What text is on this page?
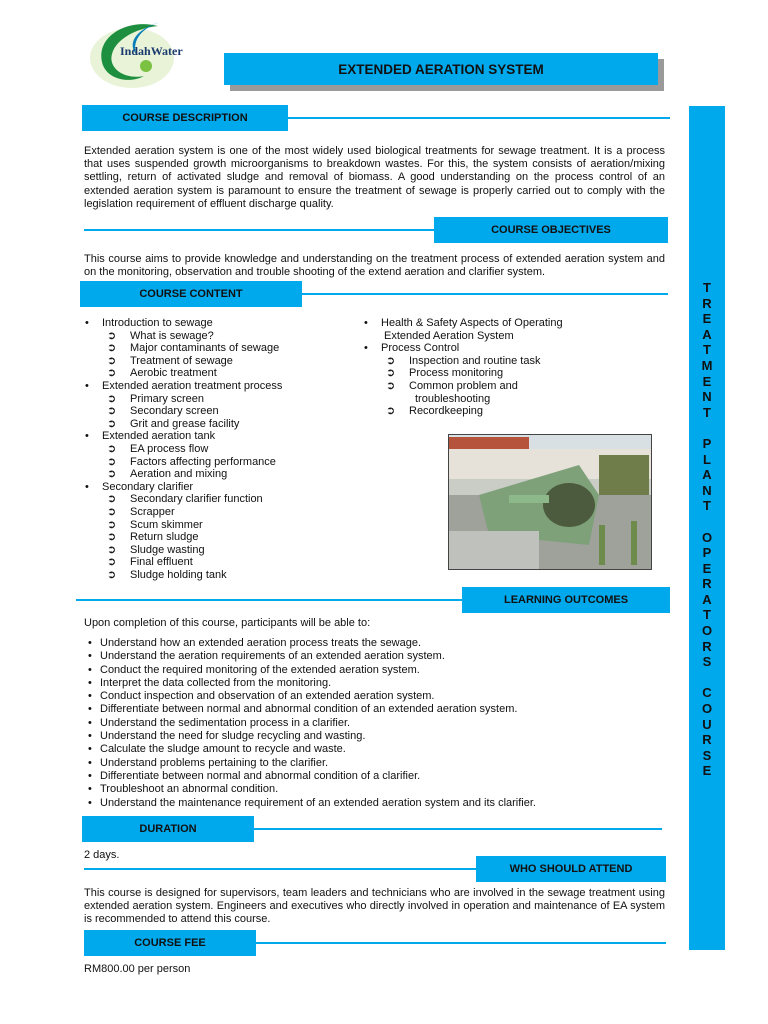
IndahWater
EXTENDED AERATION SYSTEM
COURSE DESCRIPTION
Extended aeration system is one of the most widely used biological treatments for sewage treatment. It is a process that uses suspended growth microorganisms to breakdown wastes. For this, the system consists of aeration/mixing settling, return of activated sludge and removal of biomass. A good understanding on the process control of an extended aeration system is paramount to ensure the treatment of sewage is properly carried out to comply with the legislation requirement of effluent discharge quality.
COURSE OBJECTIVES
This course aims to provide knowledge and understanding on the treatment process of extended aeration system and on the monitoring, observation and trouble shooting of the extend aeration and clarifier system.
COURSE CONTENT
• Introduction to sewage
➲ What is sewage?
➲ Major contaminants of sewage
➲ Treatment of sewage
➲ Aerobic treatment
• Extended aeration treatment process
➲ Primary screen
➲ Secondary screen
➲ Grit and grease facility
• Extended aeration tank
➲ EA process flow
➲ Factors affecting performance
➲ Aeration and mixing
• Secondary clarifier
➲ Secondary clarifier function
➲ Scrapper
➲ Scum skimmer
➲ Return sludge
➲ Sludge wasting
➲ Final effluent
➲ Sludge holding tank
• Health & Safety Aspects of Operating
Extended Aeration System
• Process Control
➲ Inspection and routine task
➲ Process monitoring
➲ Common problem and
troubleshooting
➲ Recordkeeping
LEARNING OUTCOMES
Upon completion of this course, participants will be able to:
• Understand how an extended aeration process treats the sewage.
• Understand the aeration requirements of an extended aeration system.
• Conduct the required monitoring of the extended aeration system.
• Interpret the data collected from the monitoring.
• Conduct inspection and observation of an extended aeration system.
• Differentiate between normal and abnormal condition of an extended aeration system.
• Understand the sedimentation process in a clarifier.
• Understand the need for sludge recycling and wasting.
• Calculate the sludge amount to recycle and waste.
• Understand problems pertaining to the clarifier.
• Differentiate between normal and abnormal condition of a clarifier.
• Troubleshoot an abnormal condition.
• Understand the maintenance requirement of an extended aeration system and its clarifier.
DURATION
2 days.
WHO SHOULD ATTEND
This course is designed for supervisors, team leaders and technicians who are involved in the sewage treatment using extended aeration system. Engineers and executives who directly involved in operation and maintenance of EA system is recommended to attend this course.
COURSE FEE
RM800.00 per person
T
R
E
A
T
M
E
N
T
P
L
A
N
T
O
P
E
R
A
T
O
R
S
C
O
U
R
S
E
